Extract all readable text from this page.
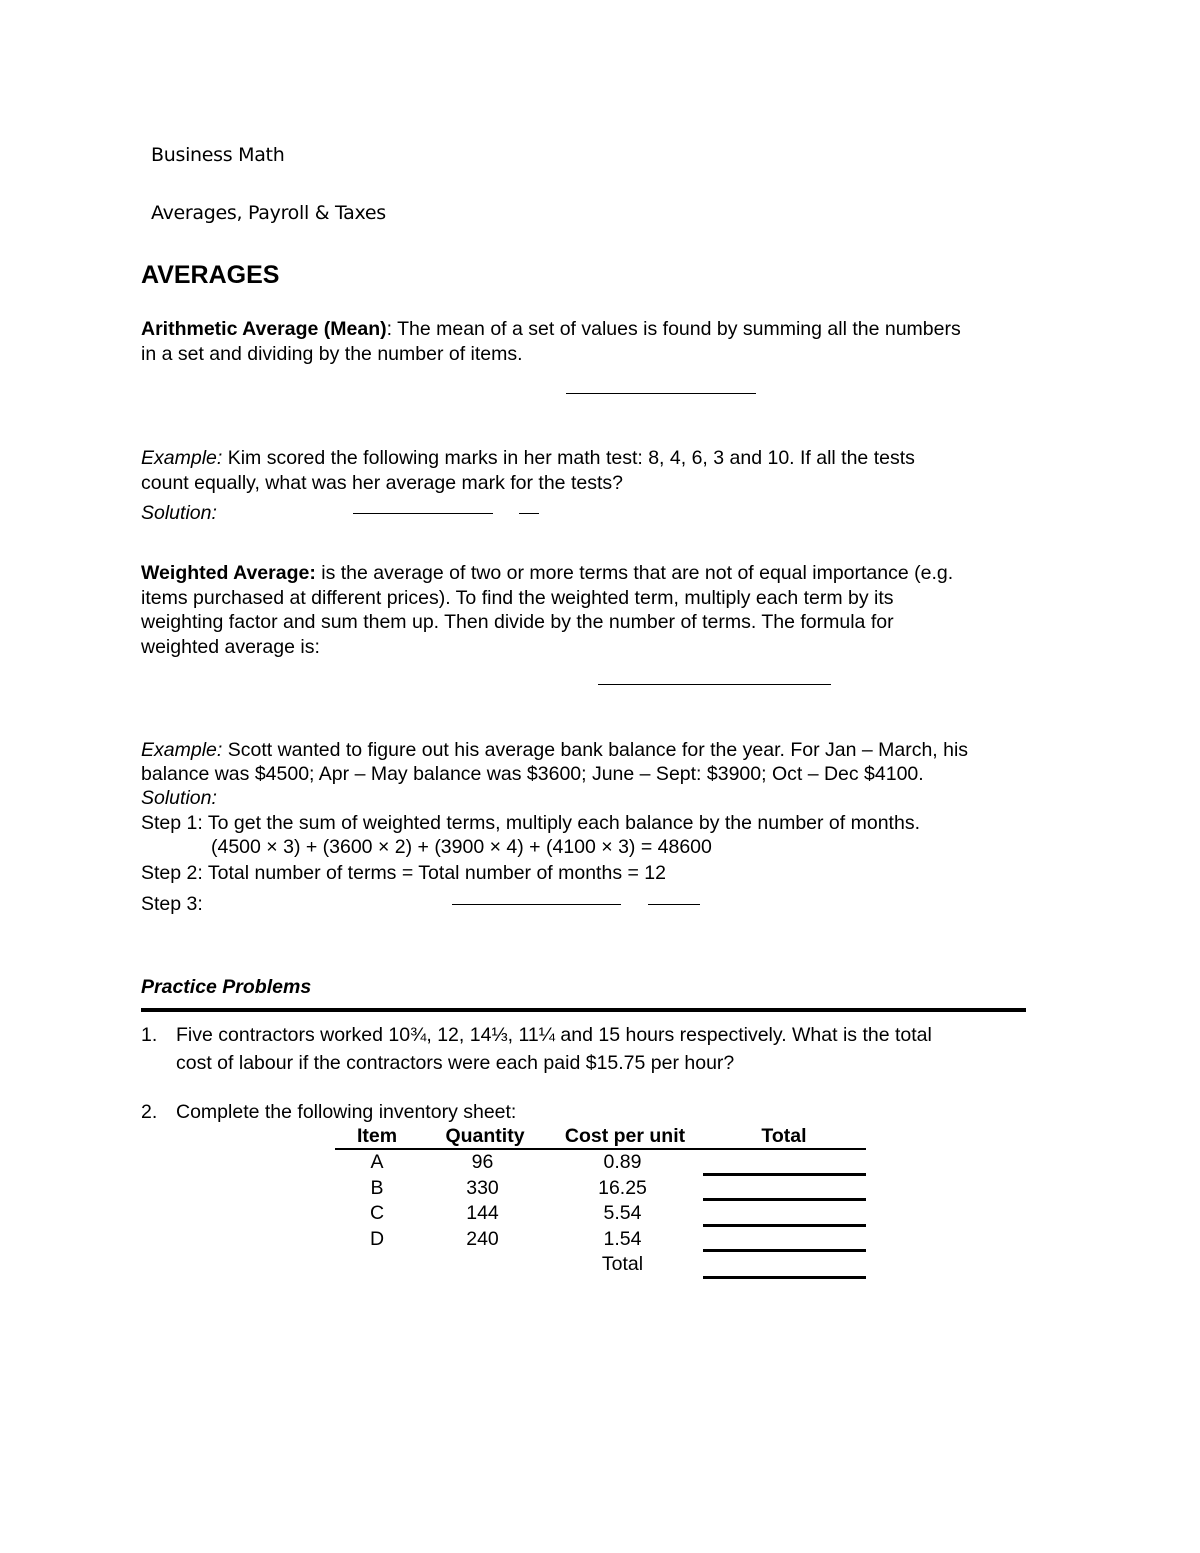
Business Math
Averages, Payroll & Taxes
AVERAGES
Arithmetic Average (Mean): The mean of a set of values is found by summing all the numbers
in a set and dividing by the number of items.
Example: Kim scored the following marks in her math test: 8, 4, 6, 3 and 10. If all the tests
count equally, what was her average mark for the tests?
Solution:
Weighted Average: is the average of two or more terms that are not of equal importance (e.g.
items purchased at different prices). To find the weighted term, multiply each term by its
weighting factor and sum them up. Then divide by the number of terms. The formula for
weighted average is:
Example: Scott wanted to figure out his average bank balance for the year. For Jan – March, his
balance was $4500; Apr – May balance was $3600; June – Sept: $3900; Oct – Dec $4100.
Solution:
Step 1: To get the sum of weighted terms, multiply each balance by the number of months.
(4500 × 3) + (3600 × 2) + (3900 × 4) + (4100 × 3) = 48600
Step 2: Total number of terms = Total number of months = 12
Step 3:
Practice Problems
1. Five contractors worked 10¾, 12, 14⅓, 11¼ and 15 hours respectively. What is the total
cost of labour if the contractors were each paid $15.75 per hour?
2. Complete the following inventory sheet:
Item	Quantity	Cost per unit	Total
A	96	0.89
B	330	16.25
C	144	5.54
D	240	1.54
Total
